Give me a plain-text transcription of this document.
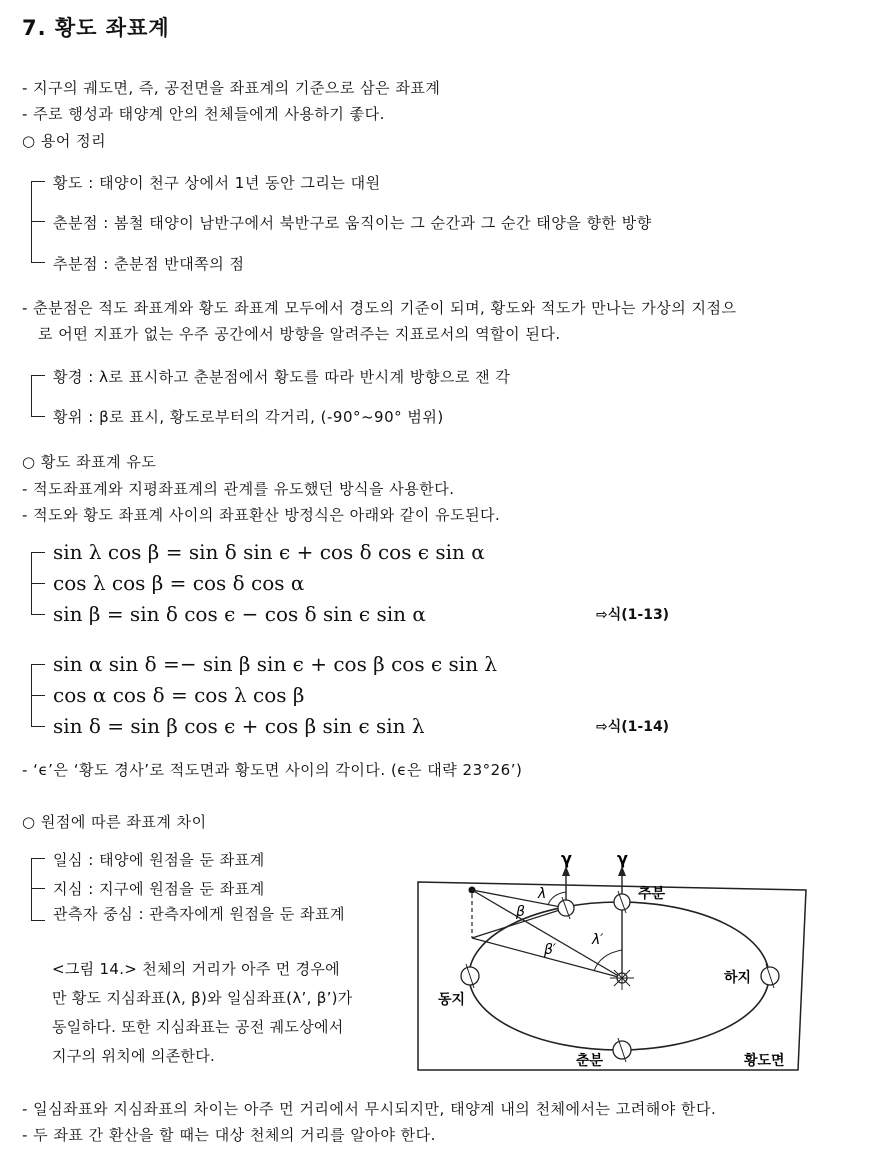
7. 황도 좌표계
- 지구의 궤도면, 즉, 공전면을 좌표계의 기준으로 삼은 좌표계
- 주로 행성과 태양계 안의 천체들에게 사용하기 좋다.
○ 용어 정리
황도 : 태양이 천구 상에서 1년 동안 그리는 대원
춘분점 : 봄철 태양이 남반구에서 북반구로 움직이는 그 순간과 그 순간 태양을 향한 방향
추분점 : 춘분점 반대쪽의 점
- 춘분점은 적도 좌표계와 황도 좌표계 모두에서 경도의 기준이 되며, 황도와 적도가 만나는 가상의 지점으
로 어떤 지표가 없는 우주 공간에서 방향을 알려주는 지표로서의 역할이 된다.
황경 : λ로 표시하고 춘분점에서 황도를 따라 반시계 방향으로 잰 각
황위 : β로 표시, 황도로부터의 각거리, (-90°~90° 범위)
○ 황도 좌표계 유도
- 적도좌표계와 지평좌표계의 관계를 유도했던 방식을 사용한다.
- 적도와 황도 좌표계 사이의 좌표환산 방정식은 아래와 같이 유도된다.
sin λ cos β = sin δ sin ϵ + cos δ cos ϵ sin α
cos λ cos β = cos δ cos α
sin β = sin δ cos ϵ − cos δ sin ϵ sin α	⇨식(1-13)
sin α sin δ =− sin β sin ϵ + cos β cos ϵ sin λ
cos α cos δ = cos λ cos β
sin δ = sin β cos ϵ + cos β sin ϵ sin λ	⇨식(1-14)
- ‘ϵ’은 ‘황도 경사’로 적도면과 황도면 사이의 각이다. (ϵ은 대략 23°26’)
○ 원점에 따른 좌표계 차이
일심 : 태양에 원점을 둔 좌표계
지심 : 지구에 원점을 둔 좌표계
관측자 중심 : 관측자에게 원점을 둔 좌표계
<그림 14.> 천체의 거리가 아주 먼 경우에
만 황도 지심좌표(λ, β)와 일심좌표(λ’, β’)가
동일하다. 또한 지심좌표는 공전 궤도상에서
지구의 위치에 의존한다.
γ	γ
추분
λ
β
β′
λ′
하지
동지
춘분	황도면
- 일심좌표와 지심좌표의 차이는 아주 먼 거리에서 무시되지만, 태양계 내의 천체에서는 고려해야 한다.
- 두 좌표 간 환산을 할 때는 대상 천체의 거리를 알아야 한다.
